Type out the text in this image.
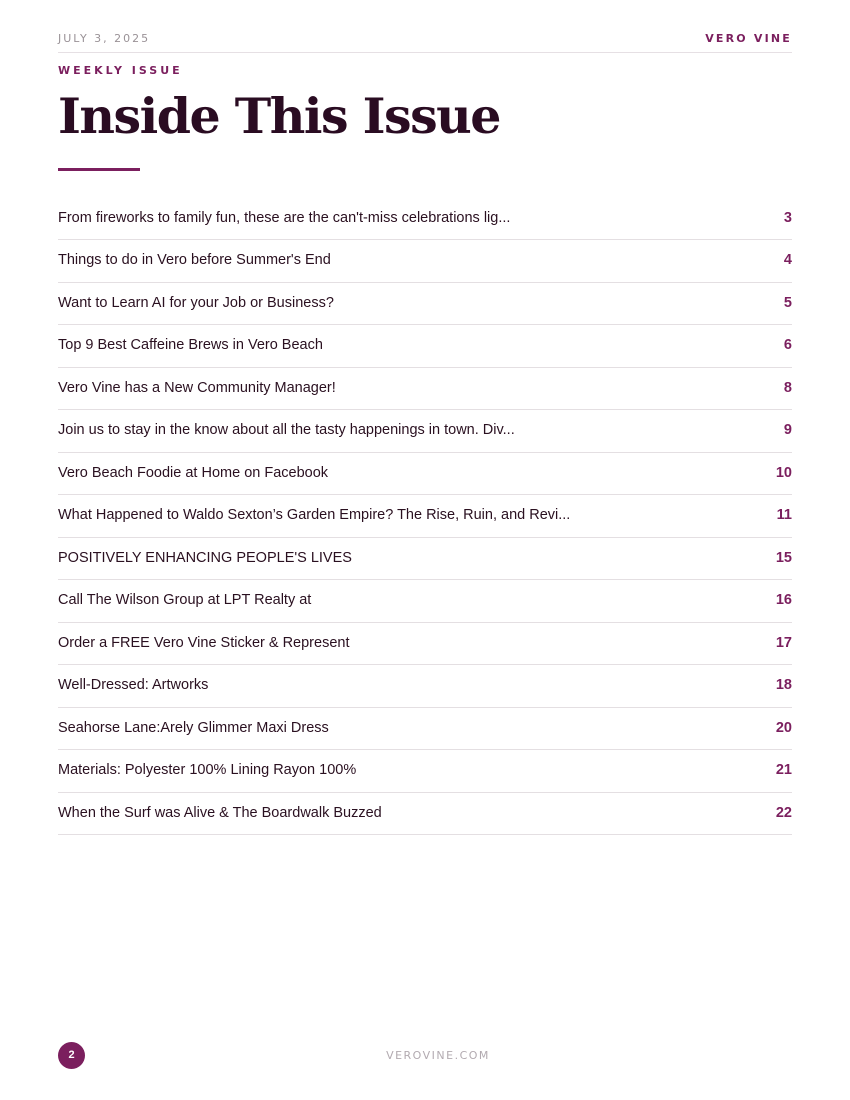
JULY 3, 2025	VERO VINE
WEEKLY ISSUE
Inside This Issue
From fireworks to family fun, these are the can't-miss celebrations lig...	3
Things to do in Vero before Summer's End	4
Want to Learn AI for your Job or Business?	5
Top 9 Best Caffeine Brews in Vero Beach	6
Vero Vine has a New Community Manager!	8
Join us to stay in the know about all the tasty happenings in town. Div...	9
Vero Beach Foodie at Home on Facebook	10
What Happened to Waldo Sexton’s Garden Empire? The Rise, Ruin, and Revi...	11
POSITIVELY ENHANCING PEOPLE'S LIVES	15
Call The Wilson Group at LPT Realty at	16
Order a FREE Vero Vine Sticker & Represent	17
Well-Dressed: Artworks	18
Seahorse Lane:Arely Glimmer Maxi Dress	20
Materials: Polyester 100% Lining Rayon 100%	21
When the Surf was Alive & The Boardwalk Buzzed	22
2	VEROVINE.COM
